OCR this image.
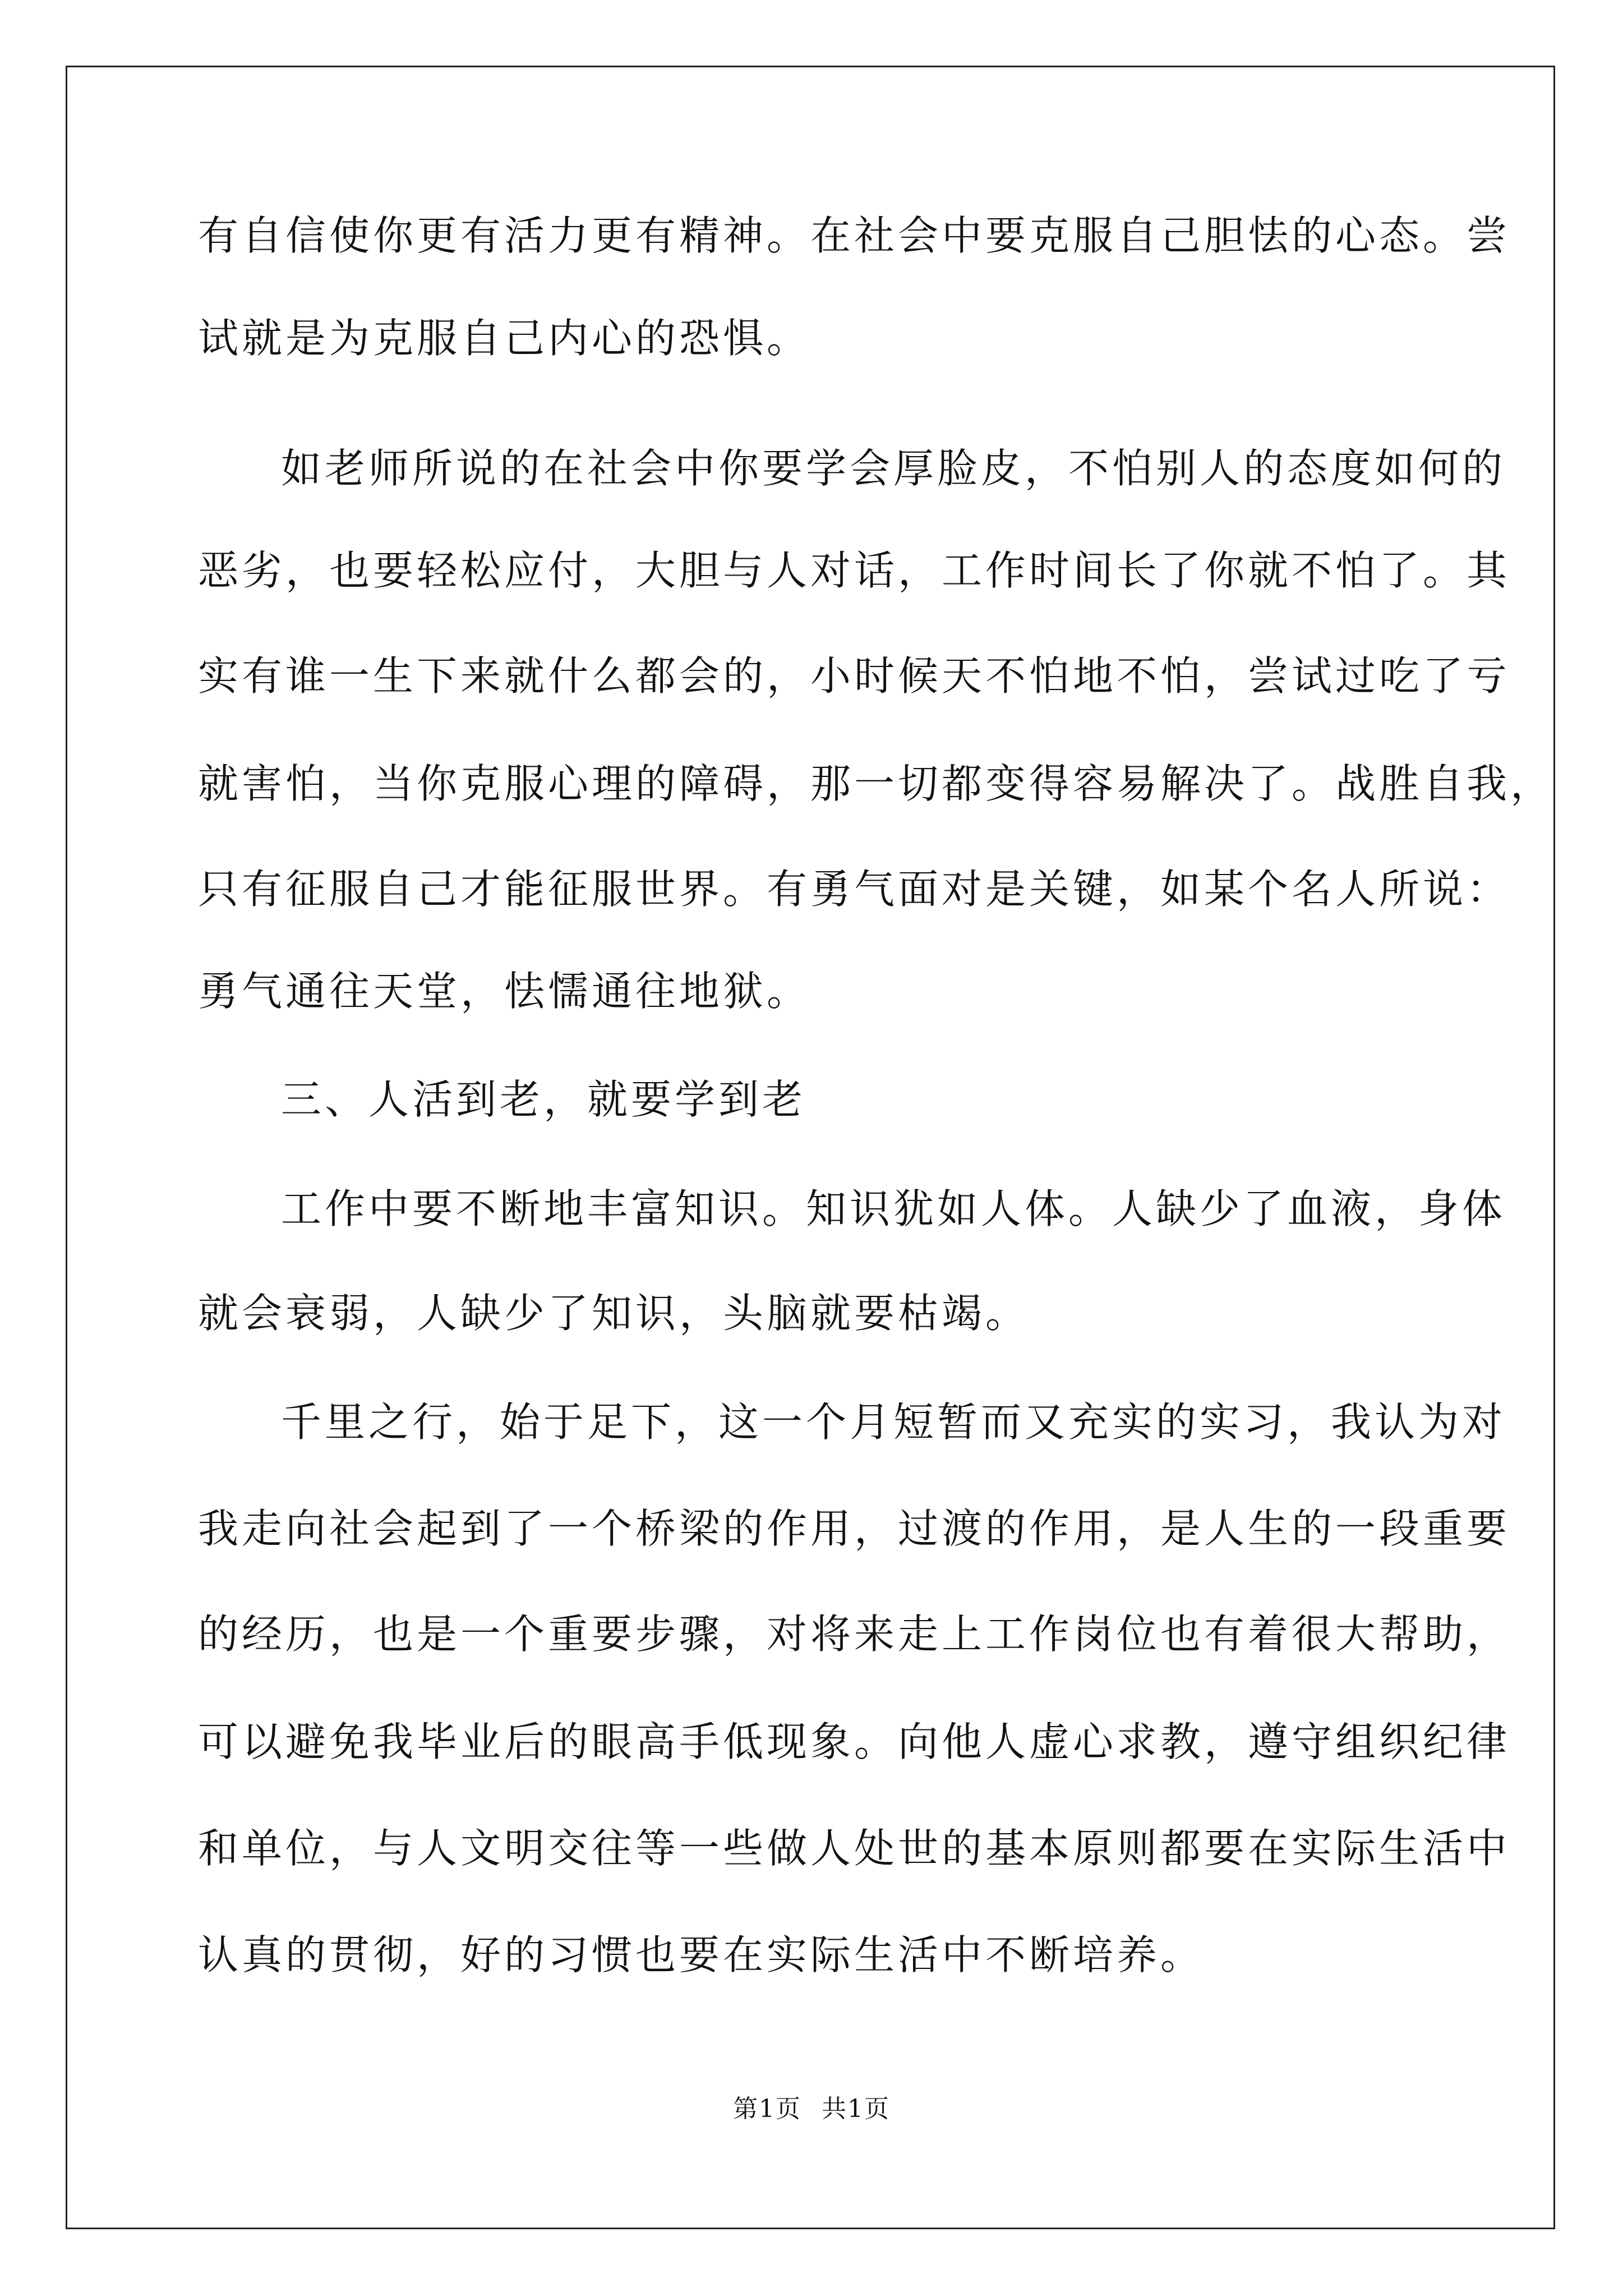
有自信使你更有活力更有精神。在社会中要克服自己胆怯的心态。尝
试就是为克服自己内心的恐惧。
如老师所说的在社会中你要学会厚脸皮，不怕别人的态度如何的
恶劣，也要轻松应付，大胆与人对话，工作时间长了你就不怕了。其
实有谁一生下来就什么都会的，小时候天不怕地不怕，尝试过吃了亏
就害怕，当你克服心理的障碍，那一切都变得容易解决了。战胜自我，
只有征服自己才能征服世界。有勇气面对是关键，如某个名人所说：
勇气通往天堂，怯懦通往地狱。
三、人活到老，就要学到老
工作中要不断地丰富知识。知识犹如人体。人缺少了血液，身体
就会衰弱，人缺少了知识，头脑就要枯竭。
千里之行，始于足下，这一个月短暂而又充实的实习，我认为对
我走向社会起到了一个桥梁的作用，过渡的作用，是人生的一段重要
的经历，也是一个重要步骤，对将来走上工作岗位也有着很大帮助，
可以避免我毕业后的眼高手低现象。向他人虚心求教，遵守组织纪律
和单位，与人文明交往等一些做人处世的基本原则都要在实际生活中
认真的贯彻，好的习惯也要在实际生活中不断培养。
第1页 共1页
